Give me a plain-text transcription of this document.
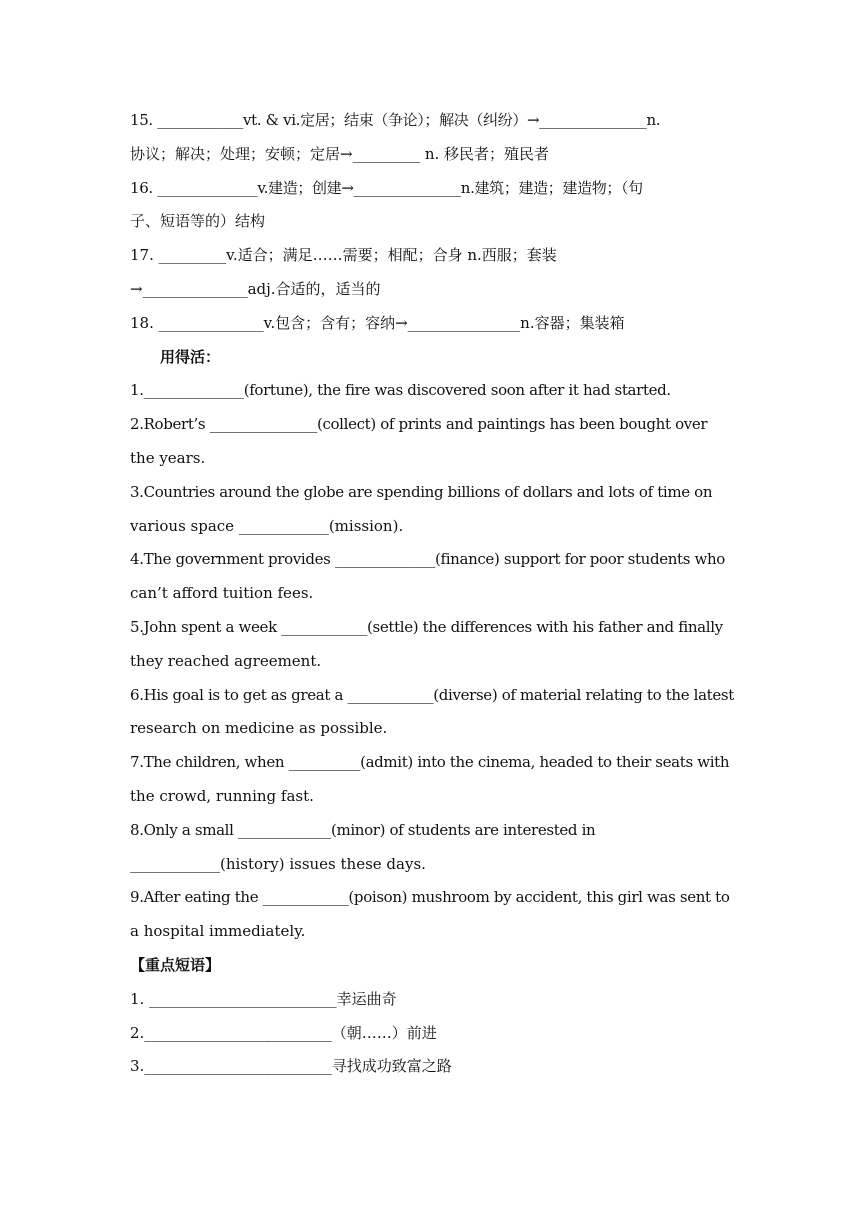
15. ____________vt. & vi.定居；结束（争论）；解决（纠纷）→_______________n.
协议；解决；处理；安顿；定居→_________ n. 移民者；殖民者
16. ______________v.建造；创建→_______________n.建筑；建造；建造物；（句
子、短语等的）结构
17. _________v.适合；满足……需要；相配；合身 n.西服；套装
→______________adj.合适的，适当的
18. ______________v.包含；含有；容纳→_______________n.容器；集装箱
用得活：
1.______________(fortune), the fire was discovered soon after it had started.
2.Robert’s _______________(collect) of prints and paintings has been bought over
the years.
3.Countries around the globe are spending billions of dollars and lots of time on
various space ____________(mission).
4.The government provides ______________(finance) support for poor students who
can’t afford tuition fees.
5.John spent a week ____________(settle) the differences with his father and finally
they reached agreement.
6.His goal is to get as great a ____________(diverse) of material relating to the latest
research on medicine as possible.
7.The children, when __________(admit) into the cinema, headed to their seats with
the crowd, running fast.
8.Only a small _____________(minor) of students are interested in
____________(history) issues these days.
9.After eating the ____________(poison) mushroom by accident, this girl was sent to
a hospital immediately.
【重点短语】
1. _________________________幸运曲奇
2._________________________（朝……）前进
3._________________________寻找成功致富之路
